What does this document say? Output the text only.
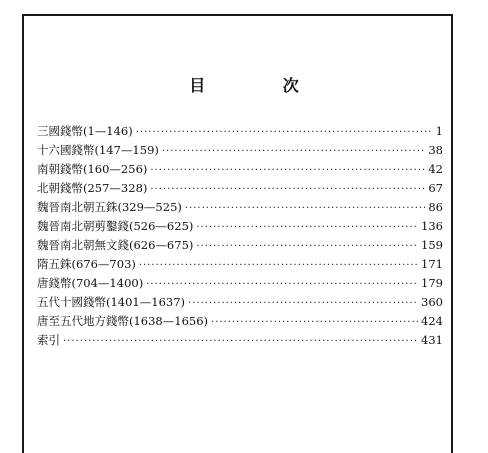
目 次
三國錢幣(1—146) ·····	1
十六國錢幣(147—159) ·····	38
南朝錢幣(160—256) ·····	42
北朝錢幣(257—328) ·····	67
魏晉南北朝五銖(329—525) ·····	86
魏晉南北朝剪鑿錢(526—625) ·····	136
魏晉南北朝無文錢(626—675) ·····	159
隋五銖(676—703) ·····	171
唐錢幣(704—1400) ·····	179
五代十國錢幣(1401—1637) ·····	360
唐至五代地方錢幣(1638—1656) ·····	424
索引 ·····	431
